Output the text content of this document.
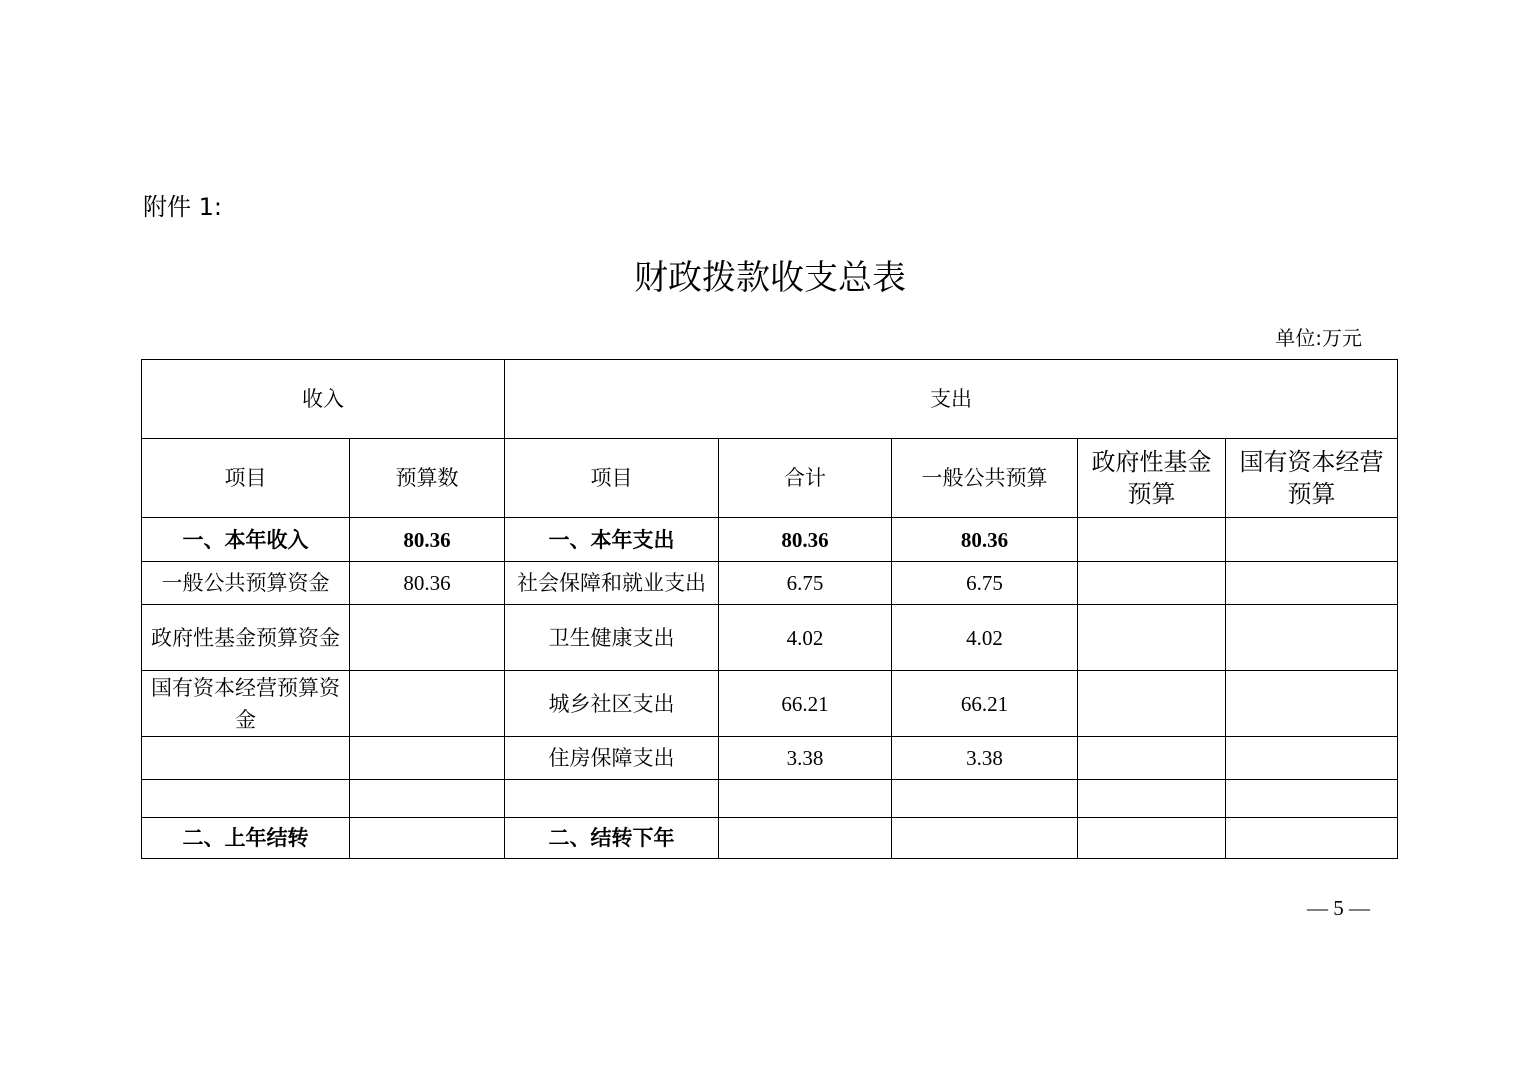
附件 1:
财政拨款收支总表
单位:万元
收入		支出				
项目	预算数	项目	合计	一般公共预算	政府性基金预算	国有资本经营预算
一、本年收入	80.36	一、本年支出	80.36	80.36		
一般公共预算资金	80.36	社会保障和就业支出	6.75	6.75		
政府性基金预算资金		卫生健康支出	4.02	4.02		
国有资本经营预算资金		城乡社区支出	66.21	66.21		
		住房保障支出	3.38	3.38		

二、上年结转		二、结转下年				
— 5 —
